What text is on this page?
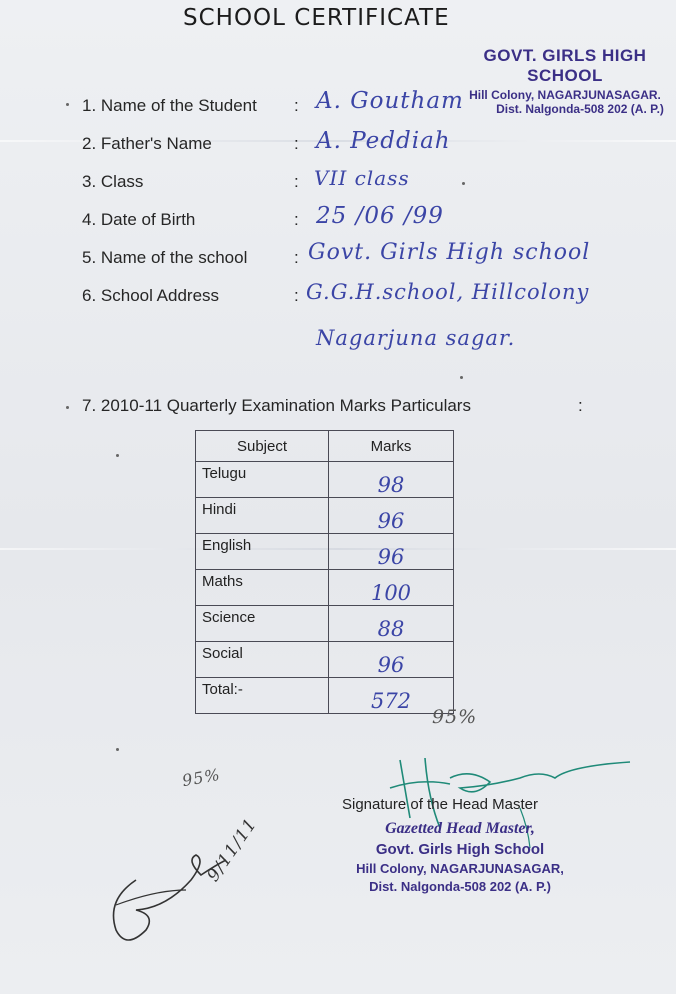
SCHOOL CERTIFICATE
GOVT. GIRLS HIGH SCHOOL
Hill Colony, NAGARJUNASAGAR.
Dist. Nalgonda-508 202 (A. P.)
1. Name of the Student : A. Goutham
2. Father's Name	: A. Peddiah
3. Class	: VII class
4. Date of Birth	: 25 /06 /99
5. Name of the school	: Govt. Girls High school
6. School Address	: G.G.H.school, Hillcolony
Nagarjuna sagar.
7. 2010-11 Quarterly Examination Marks Particulars	:
Subject	Marks
Telugu	98
Hindi	96
English	96
Maths	100
Science	88
Social	96
Total:-	572
95%
95%
Signature of the Head Master
Gazetted Head Master,
Govt. Girls High School
Hill Colony, NAGARJUNASAGAR,
Dist. Nalgonda-508 202 (A. P.)
9/11/11
